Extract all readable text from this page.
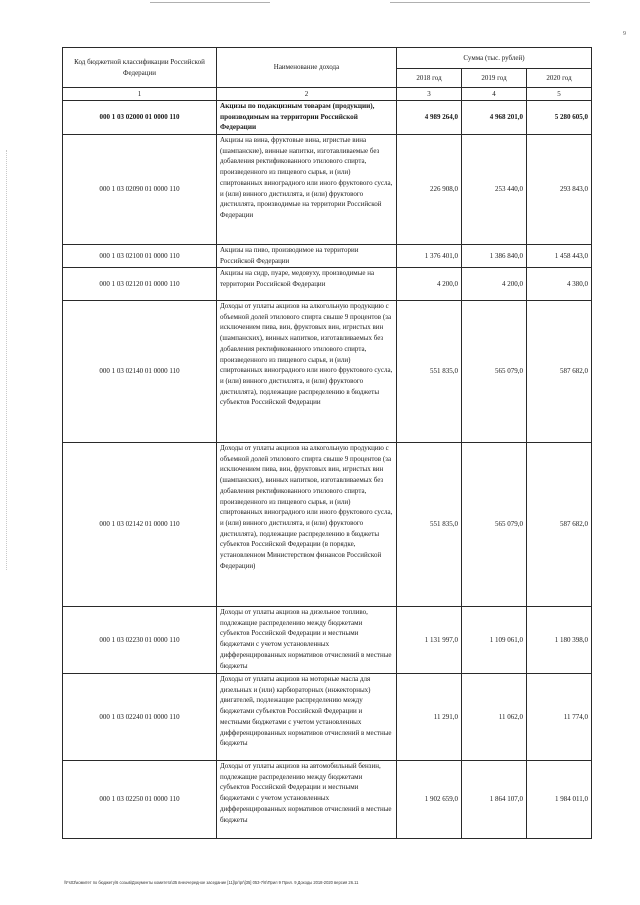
9
Код бюджетной классификации Российской Федерации	Наименование дохода	Сумма (тыс. рублей)		
		2018 год	2019 год	2020 год
1	2	3	4	5
000 1 03 02000 01 0000 110	Акцизы по подакцизным товарам (продукции), производимым на территории Российской Федерации	4 989 264,0	4 968 201,0	5 280 605,0
000 1 03 02090 01 0000 110	Акцизы на вина, фруктовые вина, игристые вина (шампанские), винные напитки, изготавливаемые без добавления ректификованного этилового спирта, произведенного из пищевого сырья, и (или) спиртованных виноградного или иного фруктового сусла, и (или) винного дистиллята, и (или) фруктового дистиллята, производимые на территории Российской Федерации	226 908,0	253 440,0	293 843,0
000 1 03 02100 01 0000 110	Акцизы на пиво, производимое на территории Российской Федерации	1 376 401,0	1 386 840,0	1 458 443,0
000 1 03 02120 01 0000 110	Акцизы на сидр, пуаре, медовуху, производимые на территории Российской Федерации	4 200,0	4 200,0	4 380,0
000 1 03 02140 01 0000 110	Доходы от уплаты акцизов на алкогольную продукцию с объемной долей этилового спирта свыше 9 процентов (за исключением пива, вин, фруктовых вин, игристых вин (шампанских), винных напитков, изготавливаемых без добавления ректификованного этилового спирта, произведенного из пищевого сырья, и (или) спиртованных виноградного или иного фруктового сусла, и (или) винного дистиллята, и (или) фруктового дистиллята), подлежащие распределению в бюджеты субъектов Российской Федерации	551 835,0	565 079,0	587 682,0
000 1 03 02142 01 0000 110	Доходы от уплаты акцизов на алкогольную продукцию с объемной долей этилового спирта свыше 9 процентов (за исключением пива, вин, фруктовых вин, игристых вин (шампанских), винных напитков, изготавливаемых без добавления ректификованного этилового спирта, произведенного из пищевого сырья, и (или) спиртованных виноградного или иного фруктового сусла, и (или) винного дистиллята, и (или) фруктового дистиллята), подлежащие распределению в бюджеты субъектов Российской Федерации (в порядке, установленном Министерством финансов Российской Федерации)	551 835,0	565 079,0	587 682,0
000 1 03 02230 01 0000 110	Доходы от уплаты акцизов на дизельное топливо, подлежащие распределению между бюджетами субъектов Российской Федерации и местными бюджетами с учетом установленных дифференцированных нормативов отчислений в местные бюджеты	1 131 997,0	1 109 061,0	1 180 398,0
000 1 03 02240 01 0000 110	Доходы от уплаты акцизов на моторные масла для дизельных и (или) карбюраторных (инжекторных) двигателей, подлежащие распределению между бюджетами субъектов Российской Федерации и местными бюджетами с учетом установленных дифференцированных нормативов отчислений в местные бюджеты	11 291,0	11 062,0	11 774,0
000 1 03 02250 01 0000 110	Доходы от уплаты акцизов на автомобильный бензин, подлежащие распределению между бюджетами субъектов Российской Федерации и местными бюджетами с учетом установленных дифференцированных нормативов отчислений в местные бюджеты	1 902 659,0	1 864 107,0	1 984 011,0
\\Fs03\комитет по бюджету\6 созыв\Документы комитета\35 внеочередное заседание [11]\pr\pr\[35] 053-7\6\Прил 9 Прил. 9 Доходы 2018-2020 версия 26.11
